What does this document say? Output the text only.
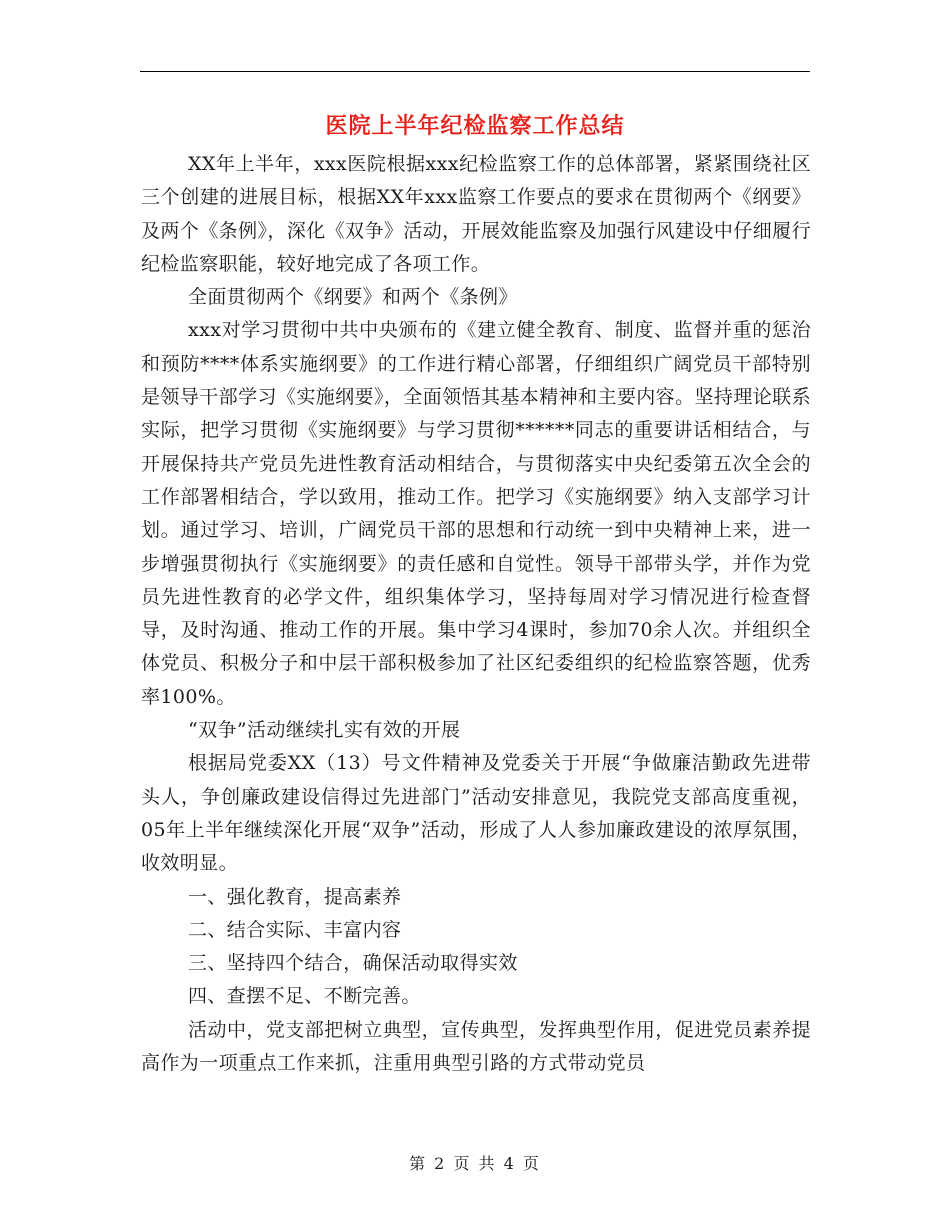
医院上半年纪检监察工作总结

XX年上半年，xxx医院根据xxx纪检监察工作的总体部署，紧紧围绕社区三个创建的进展目标，根据XX年xxx监察工作要点的要求在贯彻两个《纲要》及两个《条例》，深化《双争》活动，开展效能监察及加强行风建设中仔细履行纪检监察职能，较好地完成了各项工作。

全面贯彻两个《纲要》和两个《条例》

xxx对学习贯彻中共中央颁布的《建立健全教育、制度、监督并重的惩治和预防****体系实施纲要》的工作进行精心部署，仔细组织广阔党员干部特别是领导干部学习《实施纲要》，全面领悟其基本精神和主要内容。坚持理论联系实际，把学习贯彻《实施纲要》与学习贯彻******同志的重要讲话相结合，与开展保持共产党员先进性教育活动相结合，与贯彻落实中央纪委第五次全会的工作部署相结合，学以致用，推动工作。把学习《实施纲要》纳入支部学习计划。通过学习、培训，广阔党员干部的思想和行动统一到中央精神上来，进一步增强贯彻执行《实施纲要》的责任感和自觉性。领导干部带头学，并作为党员先进性教育的必学文件，组织集体学习，坚持每周对学习情况进行检查督导，及时沟通、推动工作的开展。集中学习4课时，参加70余人次。并组织全体党员、积极分子和中层干部积极参加了社区纪委组织的纪检监察答题，优秀率100%。

“双争”活动继续扎实有效的开展

根据局党委XX（13）号文件精神及党委关于开展“争做廉洁勤政先进带头人，争创廉政建设信得过先进部门”活动安排意见，我院党支部高度重视，05年上半年继续深化开展“双争”活动，形成了人人参加廉政建设的浓厚氛围，收效明显。

一、强化教育，提高素养

二、结合实际、丰富内容

三、坚持四个结合，确保活动取得实效

四、查摆不足、不断完善。

活动中，党支部把树立典型，宣传典型，发挥典型作用，促进党员素养提高作为一项重点工作来抓，注重用典型引路的方式带动党员

第 2 页 共 4 页
